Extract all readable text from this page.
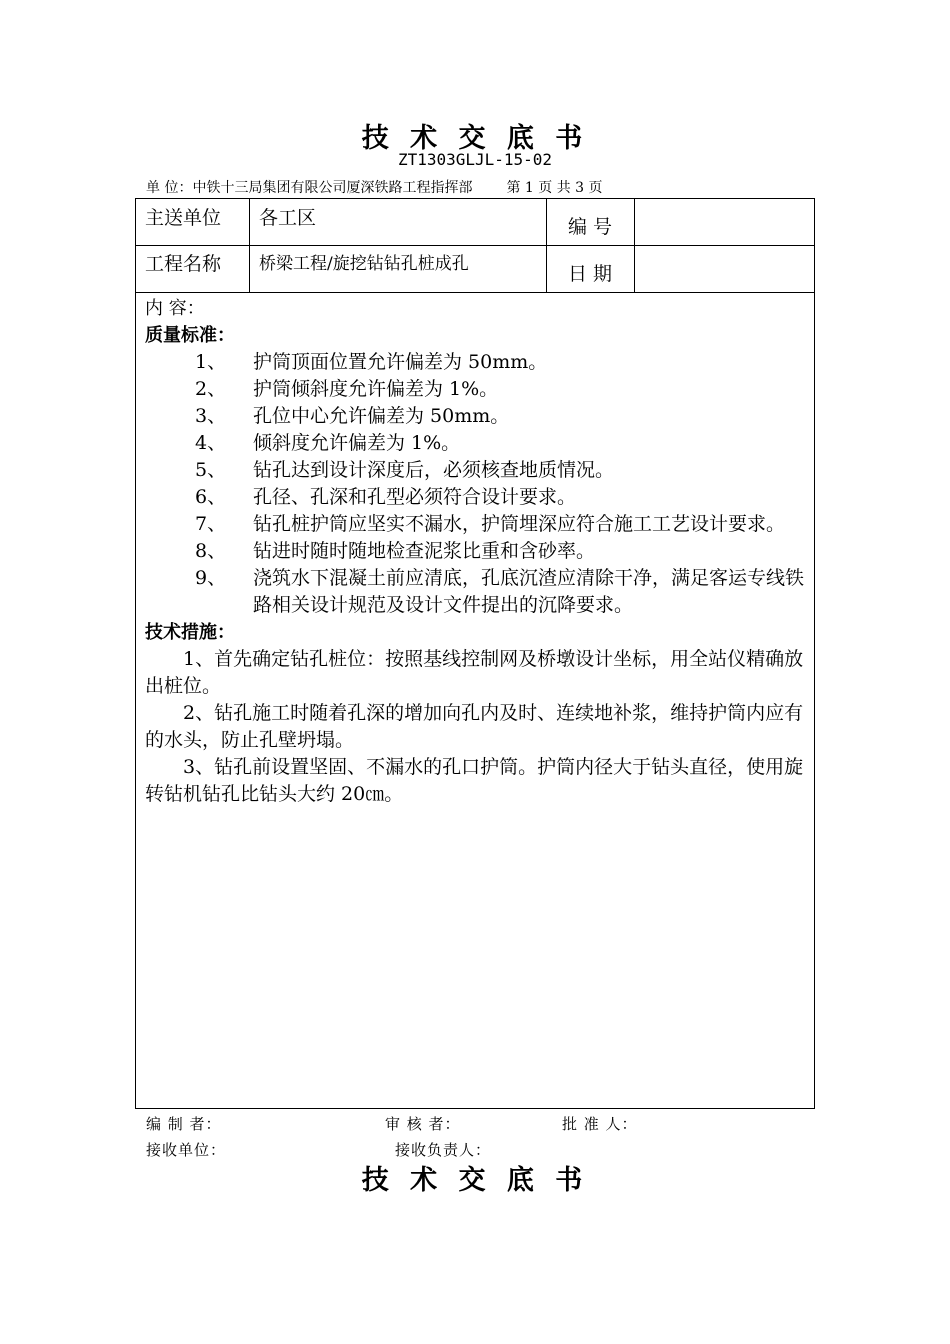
技 术 交 底 书
ZT1303GLJL-15-02
单 位：中铁十三局集团有限公司厦深铁路工程指挥部 第 1 页 共 3 页
主送单位 各工区	编 号
工程名称 桥梁工程/旋挖钻钻孔桩成孔	日 期
内 容：
质量标准：
1、 护筒顶面位置允许偏差为 50mm。
2、 护筒倾斜度允许偏差为 1%。
3、 孔位中心允许偏差为 50mm。
4、 倾斜度允许偏差为 1%。
5、 钻孔达到设计深度后，必须核查地质情况。
6、 孔径、孔深和孔型必须符合设计要求。
7、 钻孔桩护筒应坚实不漏水，护筒埋深应符合施工工艺设计要求。
8、 钻进时随时随地检查泥浆比重和含砂率。
9、 浇筑水下混凝土前应清底，孔底沉渣应清除干净，满足客运专线铁路相关设计规范及设计文件提出的沉降要求。
技术措施：

1、首先确定钻孔桩位：按照基线控制网及桥墩设计坐标，用全站仪精确放出桩位。

2、钻孔施工时随着孔深的增加向孔内及时、连续地补浆，维持护筒内应有的水头，防止孔壁坍塌。

3、钻孔前设置坚固、不漏水的孔口护筒。护筒内径大于钻头直径，使用旋转钻机钻孔比钻头大约 20㎝。

编 制 者：	审 核 者：	批 准 人：
接收单位：	接收负责人：
技 术 交 底 书
